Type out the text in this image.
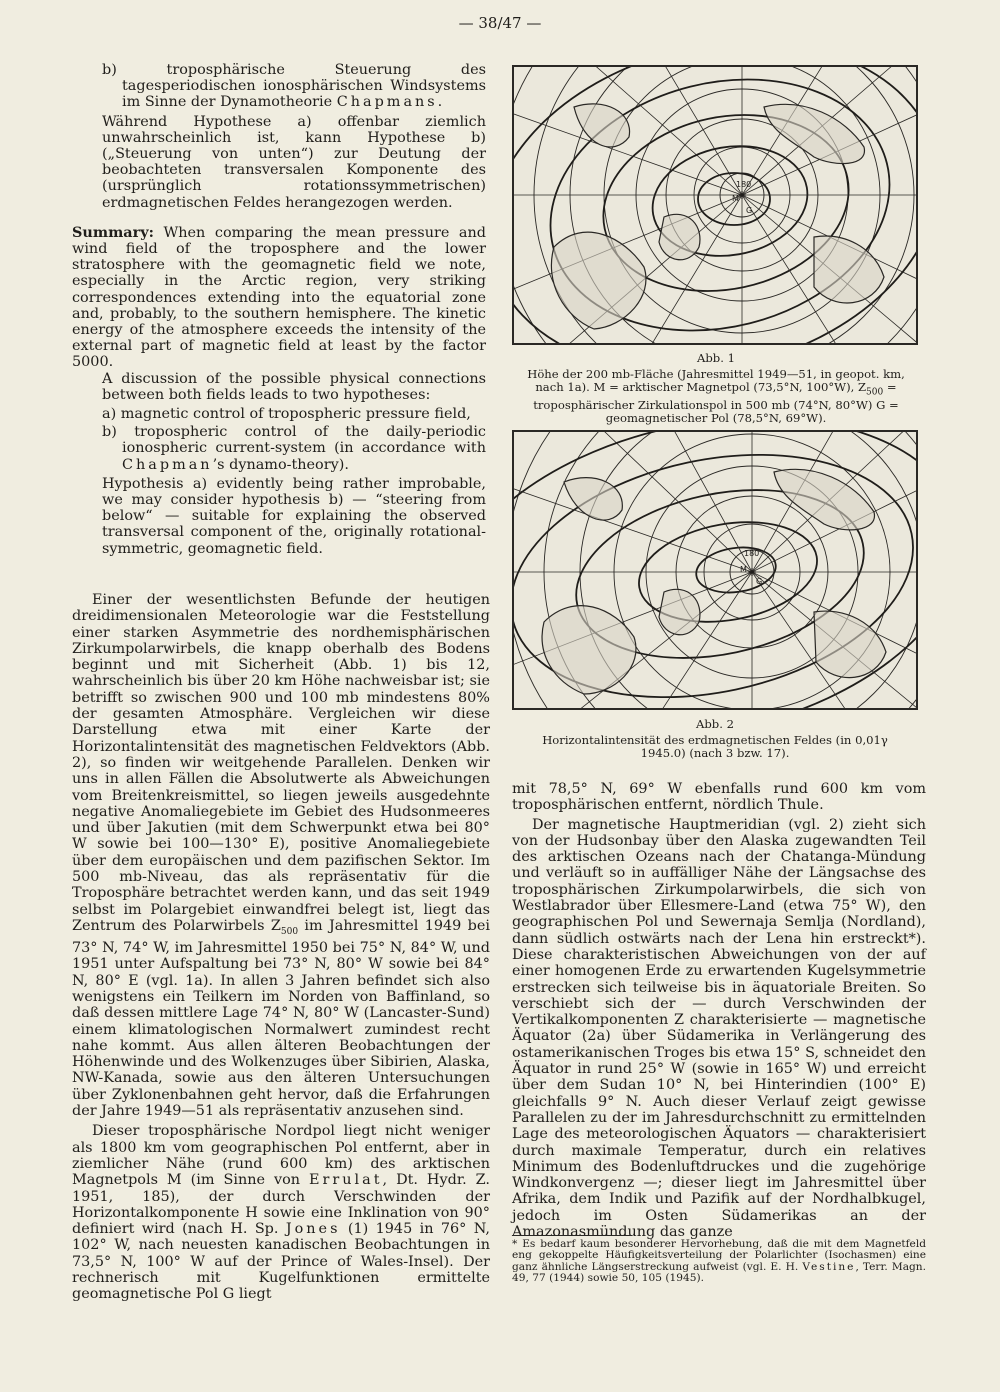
— 38/47 —

b) troposphärische Steuerung des tagesperiodischen ionosphärischen Windsystems im Sinne der Dynamotheorie Chapmans.

Während Hypothese a) offenbar ziemlich unwahrscheinlich ist, kann Hypothese b) („Steuerung von unten“) zur Deutung der beobachteten transversalen Komponente des (ursprünglich rotationssymmetrischen) erdmagnetischen Feldes herangezogen werden.

Summary: When comparing the mean pressure and wind field of the troposphere and the lower stratosphere with the geomagnetic field we note, especially in the Arctic region, very striking correspondences extending into the equatorial zone and, probably, to the southern hemisphere. The kinetic energy of the atmosphere exceeds the intensity of the external part of magnetic field at least by the factor 5000.

A discussion of the possible physical connections between both fields leads to two hypotheses:

a) magnetic control of tropospheric pressure field,

b) tropospheric control of the daily-periodic ionospheric current-system (in accordance with Chapman’s dynamo-theory).

Hypothesis a) evidently being rather improbable, we may consider hypothesis b) — “steering from below“ — suitable for explaining the observed transversal component of the, originally rotational-symmetric, geomagnetic field.

Einer der wesentlichsten Befunde der heutigen dreidimensionalen Meteorologie war die Feststellung einer starken Asymmetrie des nordhemisphärischen Zirkumpolarwirbels, die knapp oberhalb des Bodens beginnt und mit Sicherheit (Abb. 1) bis 12, wahrscheinlich bis über 20 km Höhe nachweisbar ist; sie betrifft so zwischen 900 und 100 mb mindestens 80% der gesamten Atmosphäre. Vergleichen wir diese Darstellung etwa mit einer Karte der Horizontalintensität des magnetischen Feldvektors (Abb. 2), so finden wir weitgehende Parallelen. Denken wir uns in allen Fällen die Absolutwerte als Abweichungen vom Breitenkreismittel, so liegen jeweils ausgedehnte negative Anomaliegebiete im Gebiet des Hudsonmeeres und über Jakutien (mit dem Schwerpunkt etwa bei 80° W sowie bei 100—130° E), positive Anomaliegebiete über dem europäischen und dem pazifischen Sektor. Im 500 mb-Niveau, das als repräsentativ für die Troposphäre betrachtet werden kann, und das seit 1949 selbst im Polargebiet einwandfrei belegt ist, liegt das Zentrum des Polarwirbels $Z_{500}$ im Jahresmittel 1949 bei 73° N, 74° W, im Jahresmittel 1950 bei 75° N, 84° W, und 1951 unter Aufspaltung bei 73° N, 80° W sowie bei 84° N, 80° E (vgl. 1a). In allen 3 Jahren befindet sich also wenigstens ein Teilkern im Norden von Baffinland, so daß dessen mittlere Lage 74° N, 80° W (Lancaster-Sund) einem klimatologischen Normalwert zumindest recht nahe kommt. Aus allen älteren Beobachtungen der Höhenwinde und des Wolkenzuges über Sibirien, Alaska, NW-Kanada, sowie aus den älteren Untersuchungen über Zyklonenbahnen geht hervor, daß die Erfahrungen der Jahre 1949—51 als repräsentativ anzusehen sind.

Dieser troposphärische Nordpol liegt nicht weniger als 1800 km vom geographischen Pol entfernt, aber in ziemlicher Nähe (rund 600 km) des arktischen Magnetpols M (im Sinne von Errulat, Dt. Hydr. Z. 1951, 185), der durch Verschwinden der Horizontalkomponente H sowie eine Inklination von 90° definiert wird (nach H. Sp. Jones (1) 1945 in 76° N, 102° W, nach neuesten kanadischen Beobachtungen in 73,5° N, 100° W auf der Prince of Wales-Insel). Der rechnerisch mit Kugelfunktionen ermittelte geomagnetische Pol G liegt

180
M
G
Abb. 1
Höhe der 200 mb-Fläche (Jahresmittel 1949—51, in geopot. km, nach 1a). M = arktischer Magnetpol (73,5°N, 100°W), $Z_{500}$ = troposphärischer Zirkulationspol in 500 mb (74°N, 80°W) G = geomagnetischer Pol (78,5°N, 69°W).
180
M
G
Abb. 2
Horizontalintensität des erdmagnetischen Feldes (in 0,01γ 1945.0) (nach 3 bzw. 17).

mit 78,5° N, 69° W ebenfalls rund 600 km vom troposphärischen entfernt, nördlich Thule.

Der magnetische Hauptmeridian (vgl. 2) zieht sich von der Hudsonbay über den Alaska zugewandten Teil des arktischen Ozeans nach der Chatanga-Mündung und verläuft so in auffälliger Nähe der Längsachse des troposphärischen Zirkumpolarwirbels, die sich von Westlabrador über Ellesmere-Land (etwa 75° W), den geographischen Pol und Sewernaja Semlja (Nordland), dann südlich ostwärts nach der Lena hin erstreckt*). Diese charakteristischen Abweichungen von der auf einer homogenen Erde zu erwartenden Kugelsymmetrie erstrecken sich teilweise bis in äquatoriale Breiten. So verschiebt sich der — durch Verschwinden der Vertikalkomponenten Z charakterisierte — magnetische Äquator (2a) über Südamerika in Verlängerung des ostamerikanischen Troges bis etwa 15° S, schneidet den Äquator in rund 25° W (sowie in 165° W) und erreicht über dem Sudan 10° N, bei Hinterindien (100° E) gleichfalls 9° N. Auch dieser Verlauf zeigt gewisse Parallelen zu der im Jahresdurchschnitt zu ermittelnden Lage des meteorologischen Äquators — charakterisiert durch maximale Temperatur, durch ein relatives Minimum des Bodenluftdruckes und die zugehörige Windkonvergenz —; dieser liegt im Jahresmittel über Afrika, dem Indik und Pazifik auf der Nordhalbkugel, jedoch im Osten Südamerikas an der Amazonasmündung das ganze

* Es bedarf kaum besonderer Hervorhebung, daß die mit dem Magnetfeld eng gekoppelte Häufigkeitsverteilung der Polarlichter (Isochasmen) eine ganz ähnliche Längserstreckung aufweist (vgl. E. H. Vestine, Terr. Magn. 49, 77 (1944) sowie 50, 105 (1945).
